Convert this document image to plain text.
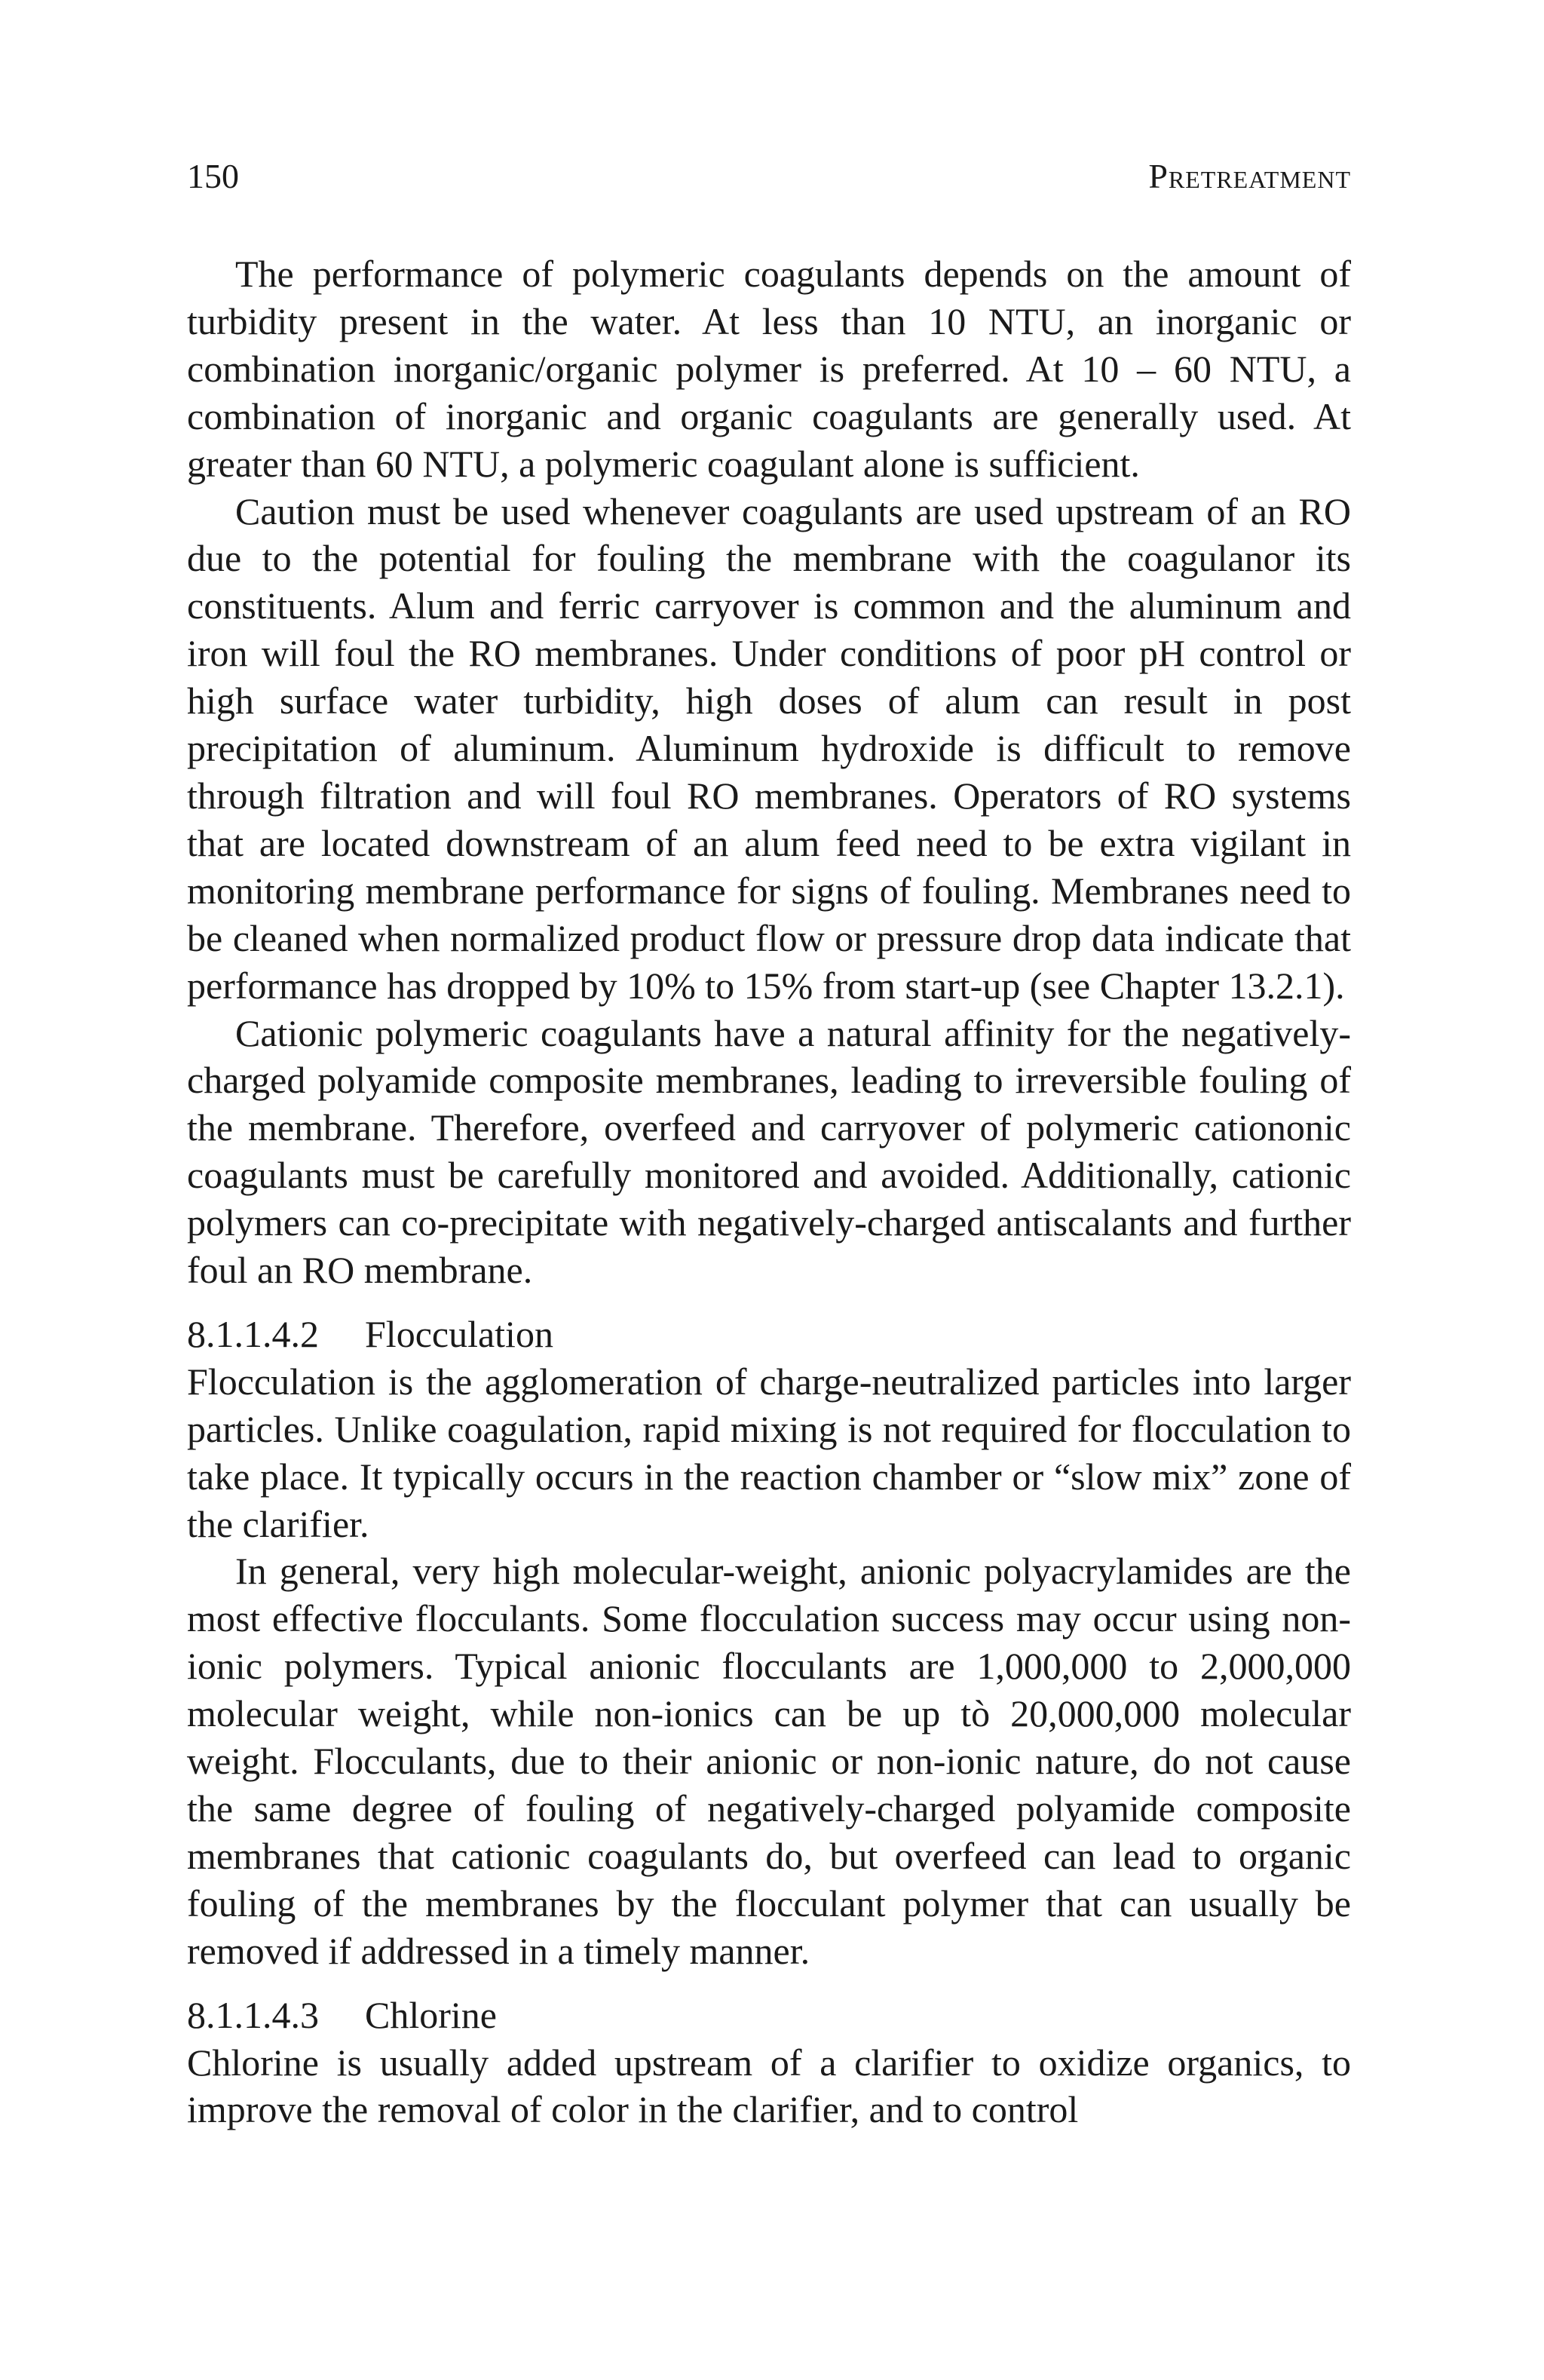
150	Pretreatment

The performance of polymeric coagulants depends on the amount of turbidity present in the water. At less than 10 NTU, an inorganic or combination inorganic/organic polymer is preferred. At 10 – 60 NTU, a combination of inorganic and organic coagulants are generally used. At greater than 60 NTU, a polymeric coagulant alone is sufficient.

Caution must be used whenever coagulants are used upstream of an RO due to the potential for fouling the membrane with the coagulanor its constituents. Alum and ferric carryover is common and the aluminum and iron will foul the RO membranes. Under conditions of poor pH control or high surface water turbidity, high doses of alum can result in post precipitation of aluminum. Aluminum hydroxide is difficult to remove through filtration and will foul RO membranes. Operators of RO systems that are located downstream of an alum feed need to be extra vigilant in monitoring membrane performance for signs of fouling. Membranes need to be cleaned when normalized product flow or pressure drop data indicate that performance has dropped by 10% to 15% from start-up (see Chapter 13.2.1).

Cationic polymeric coagulants have a natural affinity for the negatively-charged polyamide composite membranes, leading to irreversible fouling of the membrane. Therefore, overfeed and carryover of polymeric cationonic coagulants must be carefully monitored and avoided. Additionally, cationic polymers can co-precipitate with negatively-charged antiscalants and further foul an RO membrane.

8.1.1.4.2 Flocculation

Flocculation is the agglomeration of charge-neutralized particles into larger particles. Unlike coagulation, rapid mixing is not required for flocculation to take place. It typically occurs in the reaction chamber or “slow mix” zone of the clarifier.

In general, very high molecular-weight, anionic polyacrylamides are the most effective flocculants. Some flocculation success may occur using non-ionic polymers. Typical anionic flocculants are 1,000,000 to 2,000,000 molecular weight, while non-ionics can be up tò 20,000,000 molecular weight. Flocculants, due to their anionic or non-ionic nature, do not cause the same degree of fouling of negatively-charged polyamide composite membranes that cationic coagulants do, but overfeed can lead to organic fouling of the membranes by the flocculant polymer that can usually be removed if addressed in a timely manner.

8.1.1.4.3 Chlorine

Chlorine is usually added upstream of a clarifier to oxidize organics, to improve the removal of color in the clarifier, and to control
